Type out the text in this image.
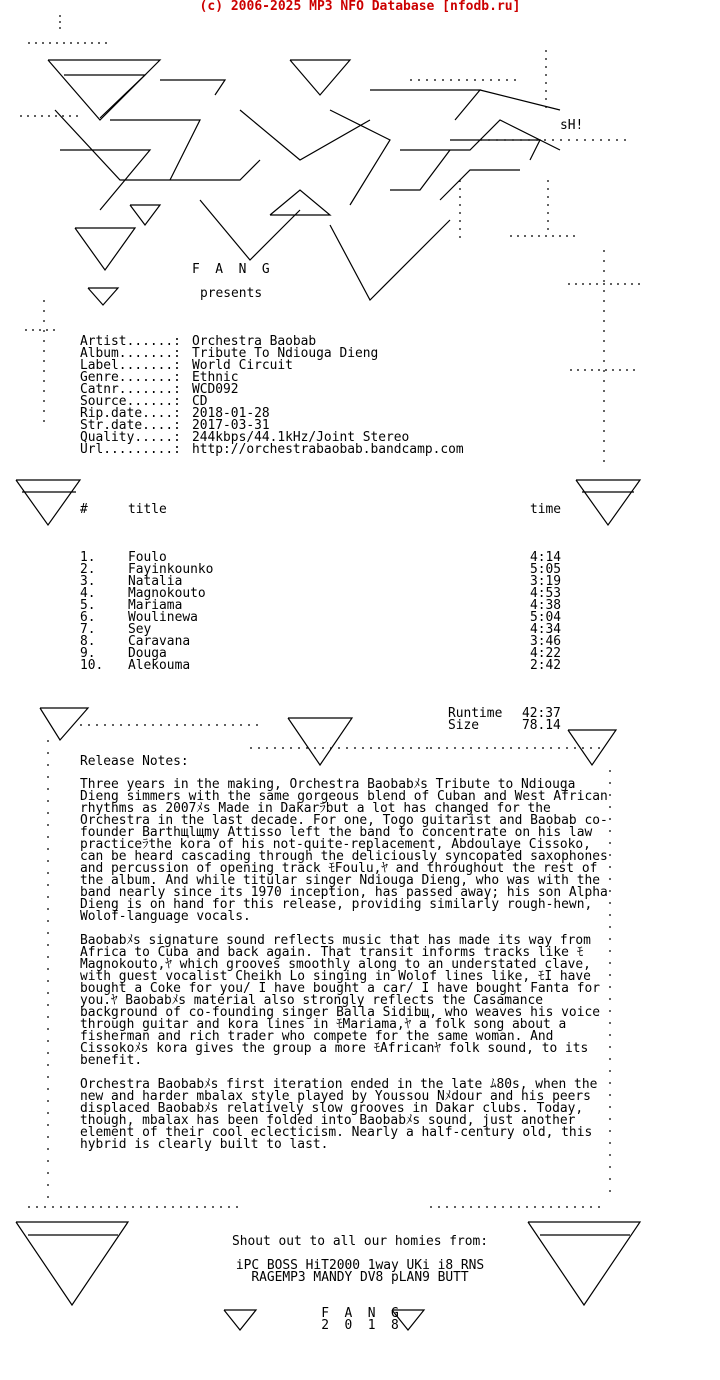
(c) 2006-2025 MP3 NFO Database [nfodb.ru]
F  A  N  G
presents
sH!
Artist......: Orchestra Baobab
Album.......: Tribute To Ndiouga Dieng
Label.......: World Circuit
Genre.......: Ethnic
Catnr.......: WCD092
Source......: CD
Rip.date....: 2018-01-28
Str.date....: 2017-03-31
Quality.....: 244kbps/44.1kHz/Joint Stereo
Url.........: http://orchestrabaobab.bandcamp.com
#	title	time
1.	Foulo	4:14
2.	Fayinkounko	5:05
3.	Natalia	3:19
4.	Magnokouto	4:53
5.	Mariama	4:38
6.	Woulinewa	5:04
7.	Sey	4:34
8.	Caravana	3:46
9.	Douga	4:22
10. Alekouma	2:42
Runtime 42:37
Size	78.14
Release Notes:

Three years in the making, Orchestra Baobabﾒs Tribute to Ndiouga Dieng simmers with the same gorgeous blend of Cuban and West African rhythms as 2007ﾒs Made in Dakarﾗbut a lot has changed for the Orchestra in the last decade. For one, Togo guitarist and Baobab co-founder Barthщlщmy Attisso left the band to concentrate on his law practiceﾗthe kora of his not-quite-replacement, Abdoulaye Cissoko, can be heard cascading through the deliciously syncopated saxophones and percussion of opening track ﾓFoulu,ﾔ and throughout the rest of the album. And while titular singer Ndiouga Dieng, who was with the band nearly since its 1970 inception, has passed away; his son Alpha Dieng is on hand for this release, providing similarly rough-hewn, Wolof-language vocals.

Baobabﾒs signature sound reflects music that has made its way from Africa to Cuba and back again. That transit informs tracks like ﾓMagnokouto,ﾔ which grooves smoothly along to an understated clave, with guest vocalist Cheikh Lo singing in Wolof lines like, ﾓI have bought a Coke for you/ I have bought a car/ I have bought Fanta for you.ﾔ Baobabﾒs material also strongly reflects the Casamance background of co-founding singer Balla Sidibщ, who weaves his voice through guitar and kora lines in ﾓMariama,ﾔ a folk song about a fisherman and rich trader who compete for the same woman. And Cissokoﾒs kora gives the group a more ﾓAfricanﾔ folk sound, to its benefit.

Orchestra Baobabﾒs first iteration ended in the late ﾑ80s, when the new and harder mbalax style played by Youssou Nﾒdour and his peers displaced Baobabﾒs relatively slow grooves in Dakar clubs. Today, though, mbalax has been folded into Baobabﾒs sound, just another element of their cool eclecticism. Nearly a half-century old, this hybrid is clearly built to last.

Shout out to all our homies from:
iPC BOSS HiT2000 1way UKi i8 RNS
RAGEMP3 MANDY DV8 pLAN9 BUTT
F  A  N  G
2  0  1  8
